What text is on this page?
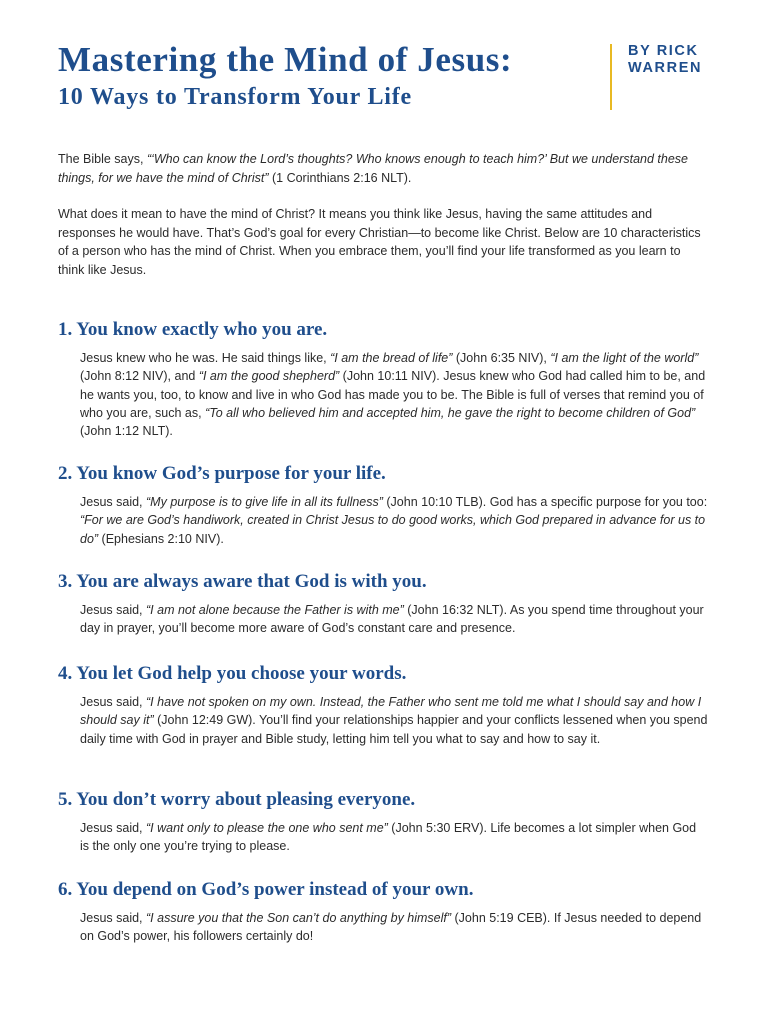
Mastering the Mind of Jesus:
10 Ways to Transform Your Life
BY RICK
WARREN
The Bible says, “‘Who can know the Lord’s thoughts? Who knows enough to teach him?’ But we understand these things, for we have the mind of Christ” (1 Corinthians 2:16 NLT).
What does it mean to have the mind of Christ? It means you think like Jesus, having the same attitudes and responses he would have. That’s God’s goal for every Christian—to become like Christ. Below are 10 characteristics of a person who has the mind of Christ. When you embrace them, you’ll find your life transformed as you learn to think like Jesus.
1. You know exactly who you are.
Jesus knew who he was. He said things like, “I am the bread of life” (John 6:35 NIV), “I am the light of the world” (John 8:12 NIV), and “I am the good shepherd” (John 10:11 NIV). Jesus knew who God had called him to be, and he wants you, too, to know and live in who God has made you to be. The Bible is full of verses that remind you of who you are, such as, “To all who believed him and accepted him, he gave the right to become children of God” (John 1:12 NLT).
2. You know God’s purpose for your life.
Jesus said, “My purpose is to give life in all its fullness” (John 10:10 TLB). God has a specific purpose for you too: “For we are God’s handiwork, created in Christ Jesus to do good works, which God prepared in advance for us to do” (Ephesians 2:10 NIV).
3. You are always aware that God is with you.
Jesus said, “I am not alone because the Father is with me” (John 16:32 NLT). As you spend time throughout your day in prayer, you’ll become more aware of God’s constant care and presence.
4. You let God help you choose your words.
Jesus said, “I have not spoken on my own. Instead, the Father who sent me told me what I should say and how I should say it” (John 12:49 GW). You’ll find your relationships happier and your conflicts lessened when you spend daily time with God in prayer and Bible study, letting him tell you what to say and how to say it.
5. You don’t worry about pleasing everyone.
Jesus said, “I want only to please the one who sent me” (John 5:30 ERV). Life becomes a lot simpler when God is the only one you’re trying to please.
6. You depend on God’s power instead of your own.
Jesus said, “I assure you that the Son can’t do anything by himself” (John 5:19 CEB). If Jesus needed to depend on God’s power, his followers certainly do!
